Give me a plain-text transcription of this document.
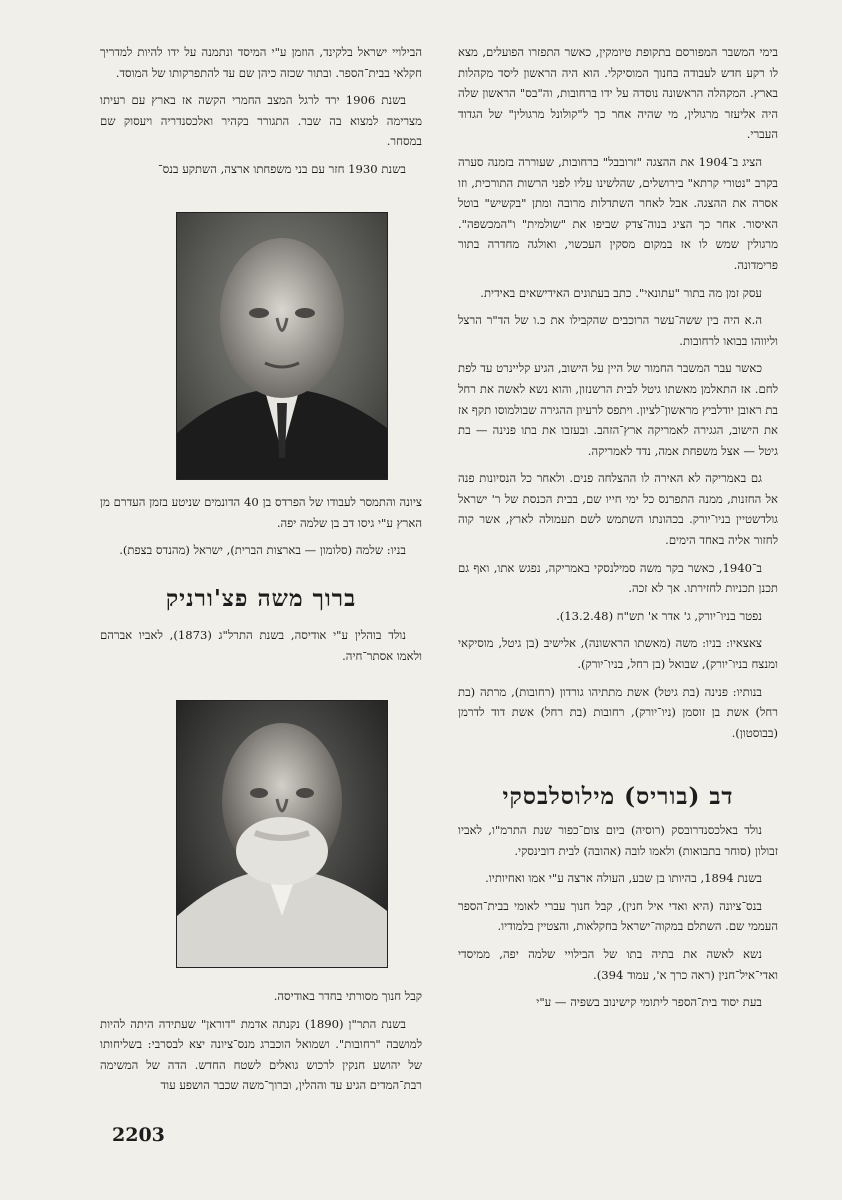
בימי המשבר המפורסם בתקופת טיומקין, כאשר התפזרו הפועלים, מצא לו רקע חדש לעבודה בחנוך המוסיקלי. הוא היה הראשון ליסד מקהלות בארץ. המקהלה הראשונה נוסדה על ידו ברחובות, וה"בס" הראשון שלה היה אליעזר מרגולין, מי שהיה אחר כך ל"קולונל מרגולין" של הגדוד העברי.

הציג ב־1904 את ההצגה "זרובבל" ברחובות, שעוררה בזמנה סערה בקרב "נטורי קרתא" בירושלים, שהלשינו עליו לפני הרשות התורכית, וזו אסרה את ההצגה. אבל לאחר השתדלות מרובה ומתן "בקשיש" בוטל האיסור. אחר כך הציג בנוה־צדק שביפו את "שולמית" ו"המכשפה". מרגולין שמש לו אז במקום מסקין העכשוי, ואולגה מחדרה בתור פרימדונה.

עסק זמן מה בתור "עתונאי". כתב בעתונים האידישאים באידית.

ה.א היה בין ששה־עשר הרוכבים שהקבילו את כ.ו של הד"ר הרצל וליווהו בבואו לרחובות.

כאשר עבר המשבר החמור של היין על הישוב, הגיע קליינרט עד לפת לחם. אז התאלמן מאשתו גיטל לבית הרשנזון, והוא נשא לאשה את רחל בת ראובן יודלביץ מראשון־לציון. ויתפס לרעיון ההגירה שבולמוסו תקף אז את הישוב, הגגירה לאמריקה ארץ־הזהב. ובעזבו את בתו פנינה — בת גיטל — אצל משפחת אמה, נדד לאמריקה.

גם באמריקה לא האירה לו ההצלחה פנים. ולאחר כל הנסיונות פנה אל החזנות, ממנה התפרנס כל ימי חייו שם, בבית הכנסת של ר' ישראל גולדשטיין בניו־יורק. בכהונתו השתמש לשם תעמולה לארץ, אשר קוה לחזור אליה באחד הימים.

ב־1940, כאשר בקר משה סמילנסקי באמריקה, נפגש אתו, ואף גם תכנן תכניות לחזירתו. אך לא זכה.

נפטר בניו־יורק, ג' אדר א' תש"ח (13.2.48).

צאצאיו: בניו: משה (מאשתו הראשונה), אלישיב (בן גיטל, מוסיקאי ומנצח בניו־יורק), שבואל (בן רחל, בניו־יורק).

בנותיו: פנינה (בת גיטל) אשת מתתיהו גורדון (רחובות), מרתה (בת רחל) אשת בן זוסמן (ניו־יורק), רחובות (בת רחל) אשת דוד לדרמן (בבוסטון).

דב (בוריס) מילוסלבסקי

נולד באלכסנדרובסק (רוסיה) ביום צום־כפור שנת התרמ"ו, לאביו זבולון (סוחר בתבואות) ולאמו לובה (אהובה) לבית דובינסקי.

בשנת 1894, בהיותו בן שבע, העולה ארצה ע"י אמו ואחיותיו.

בנס־ציונה (היא ואדי איל חנין), קבל חנוך עברי לאומי בבית־הספר העממי שם. השתלם במקוה־ישראל בחקלאות, והצטיין בלמודיו.

נשא לאשה את בתיה בתו של הבילויי שלמה יפה, ממיסדי ואדי־איל־חנין (ראה כרך א', עמוד 394).

בעת יסוד בית־הספר ליתומי קישינוב בשפיה — ע"י

הבילויי ישראל בלקינד, הוזמן ע"י המיסד ונתמנה על ידו להיות למדריך חקלאי בבית־הספר. ובתור שכזה כיהן שם עד להתפרקותו של המוסד.

בשנת 1906 ירד לרגל המצב החמרי הקשה אז בארץ עם רעיתו מצרימה למצוא בה שבר. התגורר בקהיר ואלכסנדריה ויעסוק שם במסחר.

בשנת 1930 חזר עם בני משפחתו ארצה, השתקע בנס־

ציונה והתמסר לעבודו של הפרדס בן 40 הדונמים שניטע בזמן העדרם מן הארץ ע"י גיסו דב בן שלמה יפה.

בניו: שלמה (סלומון — בארצות הברית), ישראל (מהנדס בצפת).

ברוך משה פצ'ורניק

נולד בוהלין ע"י אודיסה, בשנת התרל"ג (1873), לאביו אברהם ולאמו אסתר־חיה.

קבל חנוך מסורתי בחדר באודיסה.

בשנת התר"ן (1890) נקנתה אדמת "דוראן" שעתידה היתה להיות למושבה "רחובות". ושמואל הוכברג מנס־ציונה יצא לבסרבי: בשליחותו של יהושע חנקין לרכוש גואלים לשטח החדש. הדה של המשימה רבת־המדים הגיע עד וההלין, וברוך־משה שכבר הושפע עוד

2203
